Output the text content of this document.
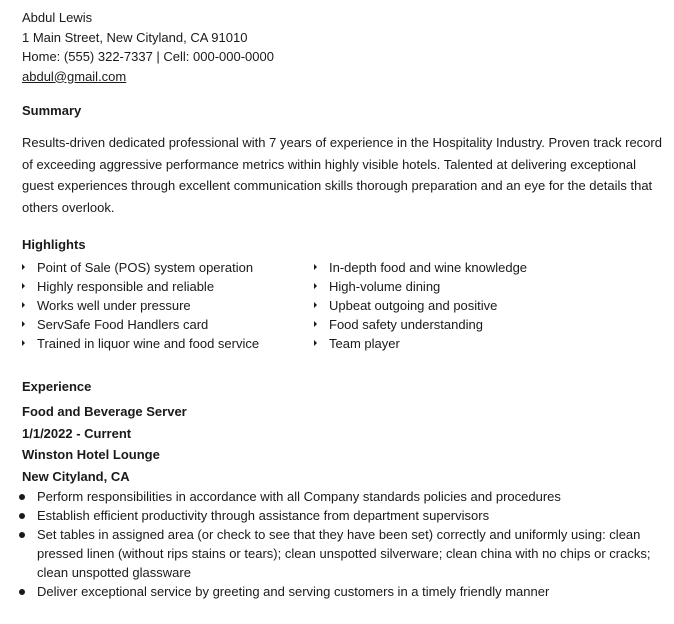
Abdul Lewis
1 Main Street, New Cityland, CA 91010
Home: (555) 322-7337 | Cell: 000-000-0000
abdul@gmail.com
Summary
Results-driven dedicated professional with 7 years of experience in the Hospitality Industry. Proven track record of exceeding aggressive performance metrics within highly visible hotels. Talented at delivering exceptional guest experiences through excellent communication skills thorough preparation and an eye for the details that others overlook.
Highlights
Point of Sale (POS) system operation
Highly responsible and reliable
Works well under pressure
ServSafe Food Handlers card
Trained in liquor wine and food service
In-depth food and wine knowledge
High-volume dining
Upbeat outgoing and positive
Food safety understanding
Team player
Experience
Food and Beverage Server
1/1/2022 - Current
Winston Hotel Lounge
New Cityland, CA
Perform responsibilities in accordance with all Company standards policies and procedures
Establish efficient productivity through assistance from department supervisors
Set tables in assigned area (or check to see that they have been set) correctly and uniformly using: clean pressed linen (without rips stains or tears); clean unspotted silverware; clean china with no chips or cracks; clean unspotted glassware
Deliver exceptional service by greeting and serving customers in a timely friendly manner
